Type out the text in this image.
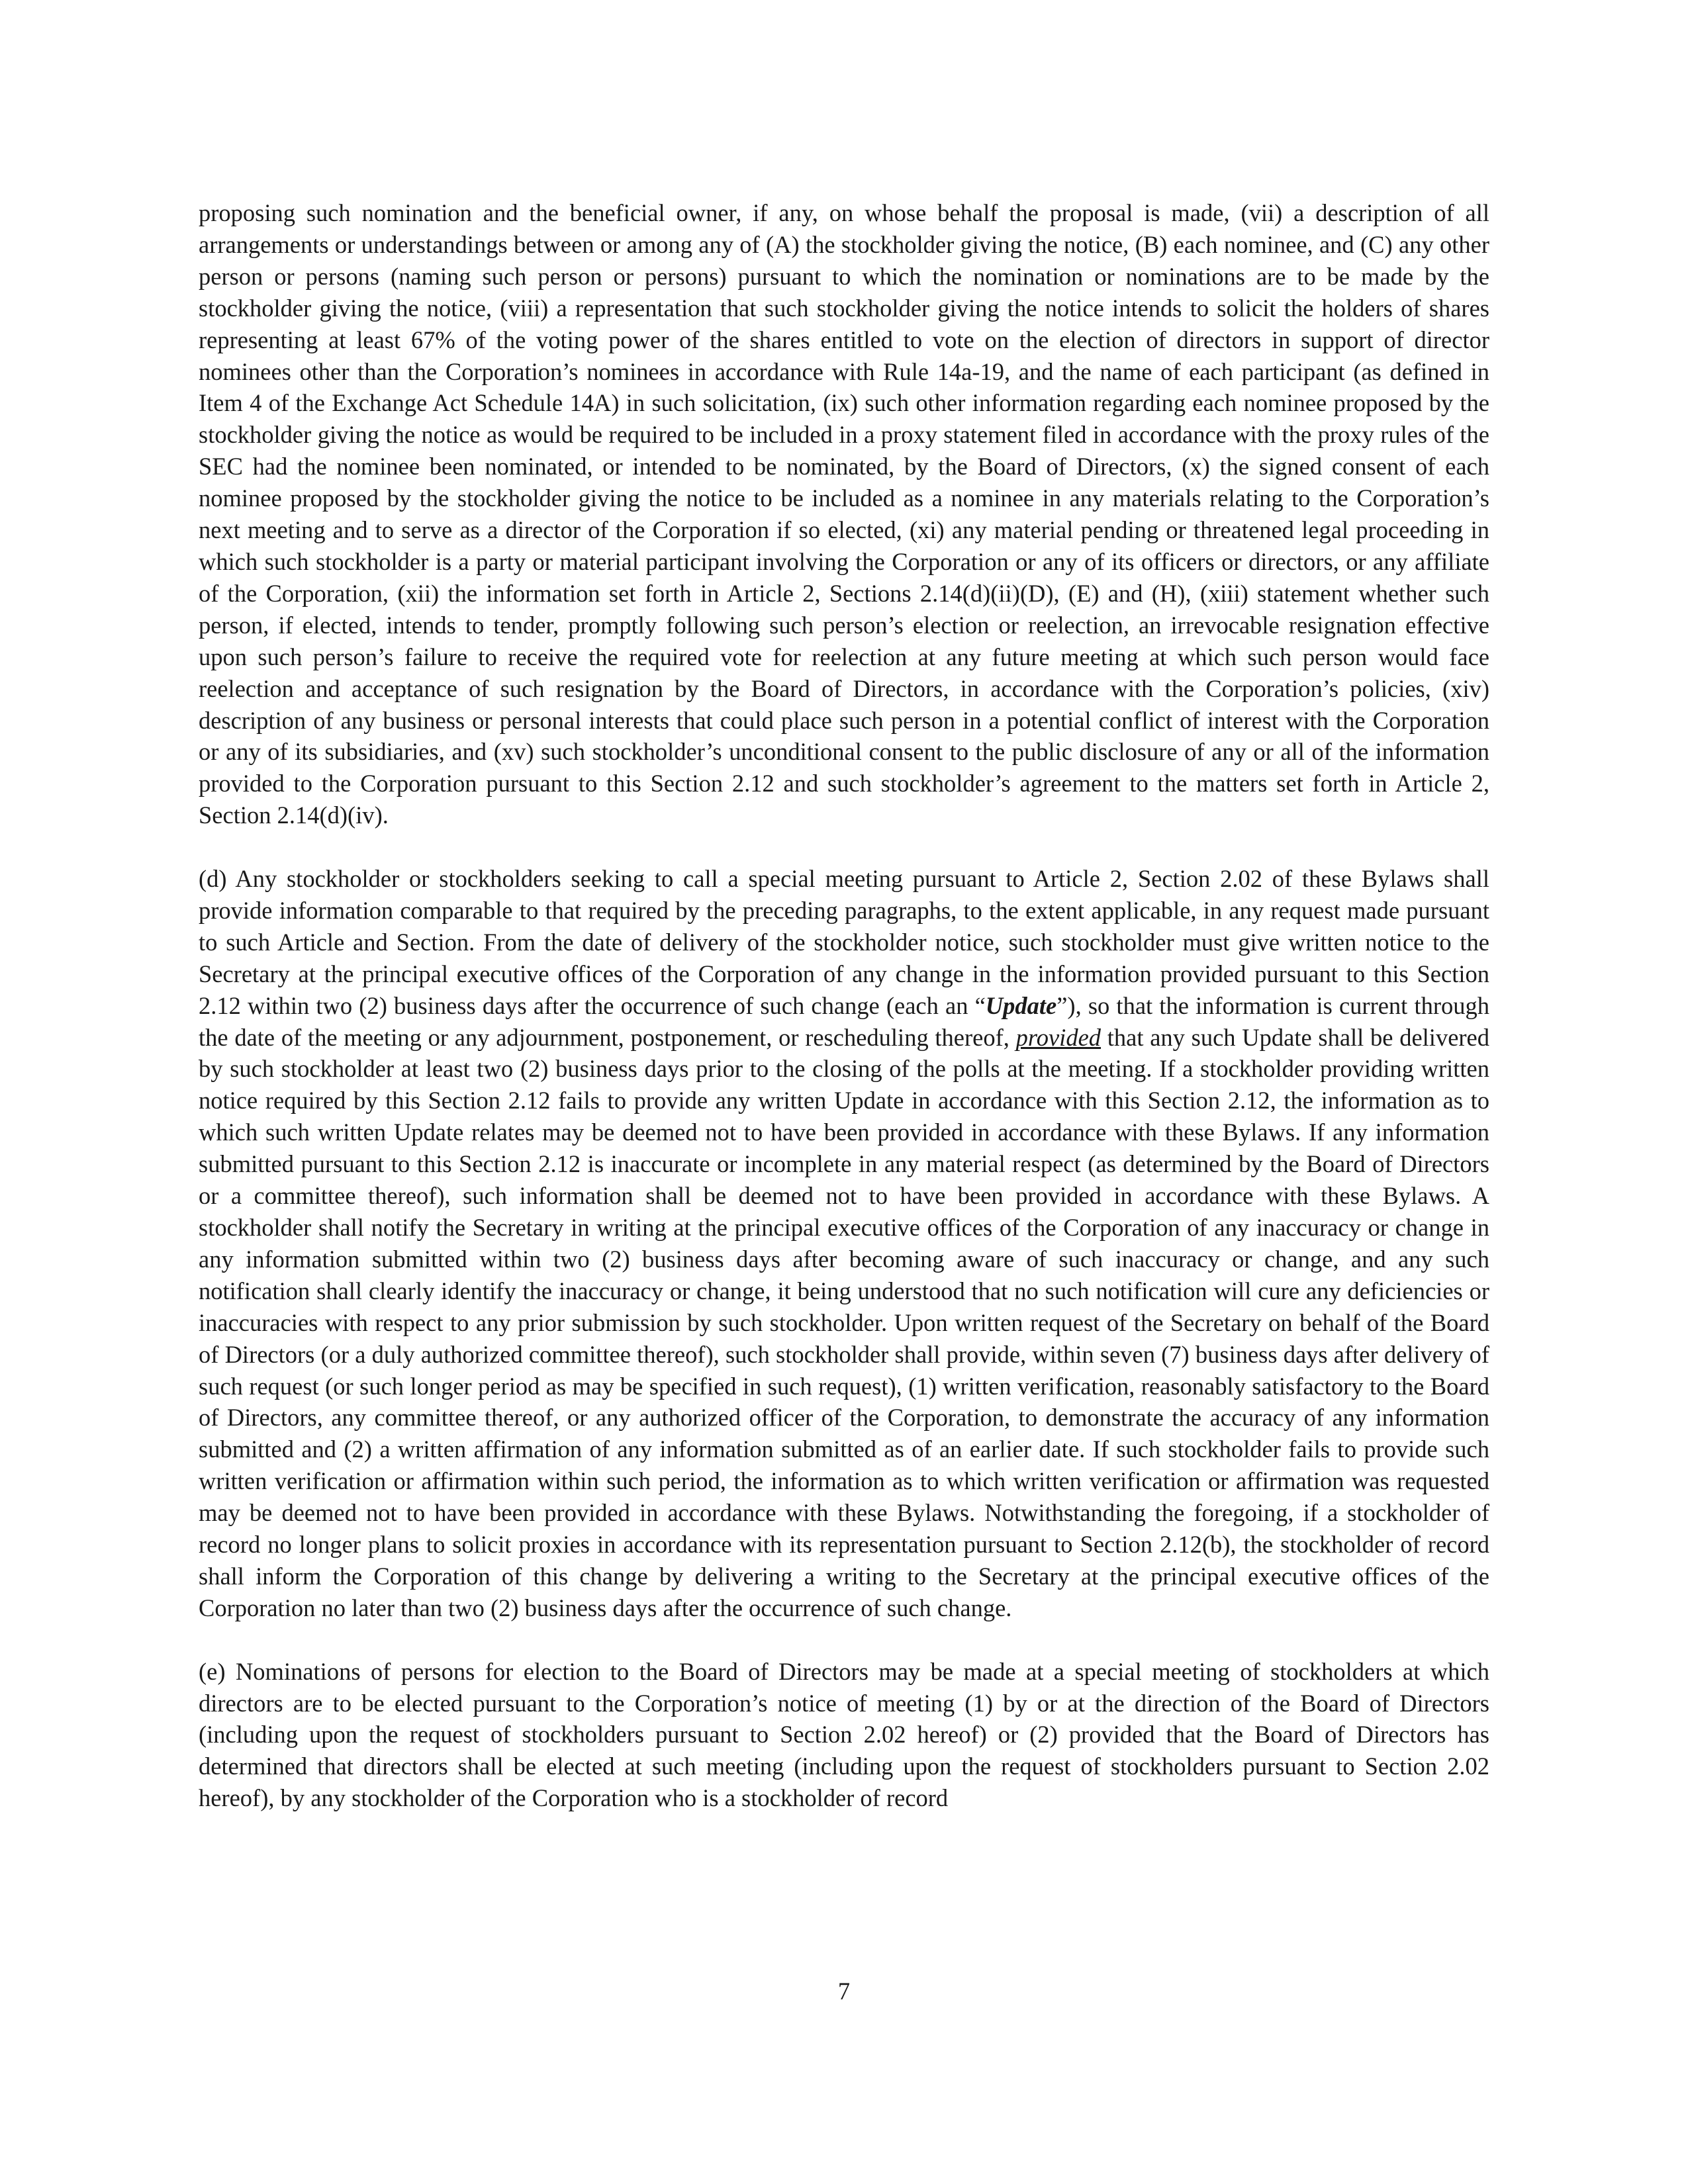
proposing such nomination and the beneficial owner, if any, on whose behalf the proposal is made, (vii) a description of all arrangements or understandings between or among any of (A) the stockholder giving the notice, (B) each nominee, and (C) any other person or persons (naming such person or persons) pursuant to which the nomination or nominations are to be made by the stockholder giving the notice, (viii) a representation that such stockholder giving the notice intends to solicit the holders of shares representing at least 67% of the voting power of the shares entitled to vote on the election of directors in support of director nominees other than the Corporation’s nominees in accordance with Rule 14a-19, and the name of each participant (as defined in Item 4 of the Exchange Act Schedule 14A) in such solicitation, (ix) such other information regarding each nominee proposed by the stockholder giving the notice as would be required to be included in a proxy statement filed in accordance with the proxy rules of the SEC had the nominee been nominated, or intended to be nominated, by the Board of Directors, (x) the signed consent of each nominee proposed by the stockholder giving the notice to be included as a nominee in any materials relating to the Corporation’s next meeting and to serve as a director of the Corporation if so elected, (xi) any material pending or threatened legal proceeding in which such stockholder is a party or material participant involving the Corporation or any of its officers or directors, or any affiliate of the Corporation, (xii) the information set forth in Article 2, Sections 2.14(d)(ii)(D), (E) and (H), (xiii) statement whether such person, if elected, intends to tender, promptly following such person’s election or reelection, an irrevocable resignation effective upon such person’s failure to receive the required vote for reelection at any future meeting at which such person would face reelection and acceptance of such resignation by the Board of Directors, in accordance with the Corporation’s policies, (xiv) description of any business or personal interests that could place such person in a potential conflict of interest with the Corporation or any of its subsidiaries, and (xv) such stockholder’s unconditional consent to the public disclosure of any or all of the information provided to the Corporation pursuant to this Section 2.12 and such stockholder’s agreement to the matters set forth in Article 2, Section 2.14(d)(iv).

(d) Any stockholder or stockholders seeking to call a special meeting pursuant to Article 2, Section 2.02 of these Bylaws shall provide information comparable to that required by the preceding paragraphs, to the extent applicable, in any request made pursuant to such Article and Section. From the date of delivery of the stockholder notice, such stockholder must give written notice to the Secretary at the principal executive offices of the Corporation of any change in the information provided pursuant to this Section 2.12 within two (2) business days after the occurrence of such change (each an “Update”), so that the information is current through the date of the meeting or any adjournment, postponement, or rescheduling thereof, provided that any such Update shall be delivered by such stockholder at least two (2) business days prior to the closing of the polls at the meeting. If a stockholder providing written notice required by this Section 2.12 fails to provide any written Update in accordance with this Section 2.12, the information as to which such written Update relates may be deemed not to have been provided in accordance with these Bylaws. If any information submitted pursuant to this Section 2.12 is inaccurate or incomplete in any material respect (as determined by the Board of Directors or a committee thereof), such information shall be deemed not to have been provided in accordance with these Bylaws. A stockholder shall notify the Secretary in writing at the principal executive offices of the Corporation of any inaccuracy or change in any information submitted within two (2) business days after becoming aware of such inaccuracy or change, and any such notification shall clearly identify the inaccuracy or change, it being understood that no such notification will cure any deficiencies or inaccuracies with respect to any prior submission by such stockholder. Upon written request of the Secretary on behalf of the Board of Directors (or a duly authorized committee thereof), such stockholder shall provide, within seven (7) business days after delivery of such request (or such longer period as may be specified in such request), (1) written verification, reasonably satisfactory to the Board of Directors, any committee thereof, or any authorized officer of the Corporation, to demonstrate the accuracy of any information submitted and (2) a written affirmation of any information submitted as of an earlier date. If such stockholder fails to provide such written verification or affirmation within such period, the information as to which written verification or affirmation was requested may be deemed not to have been provided in accordance with these Bylaws. Notwithstanding the foregoing, if a stockholder of record no longer plans to solicit proxies in accordance with its representation pursuant to Section 2.12(b), the stockholder of record shall inform the Corporation of this change by delivering a writing to the Secretary at the principal executive offices of the Corporation no later than two (2) business days after the occurrence of such change.

(e) Nominations of persons for election to the Board of Directors may be made at a special meeting of stockholders at which directors are to be elected pursuant to the Corporation’s notice of meeting (1) by or at the direction of the Board of Directors (including upon the request of stockholders pursuant to Section 2.02 hereof) or (2) provided that the Board of Directors has determined that directors shall be elected at such meeting (including upon the request of stockholders pursuant to Section 2.02 hereof), by any stockholder of the Corporation who is a stockholder of record

7
